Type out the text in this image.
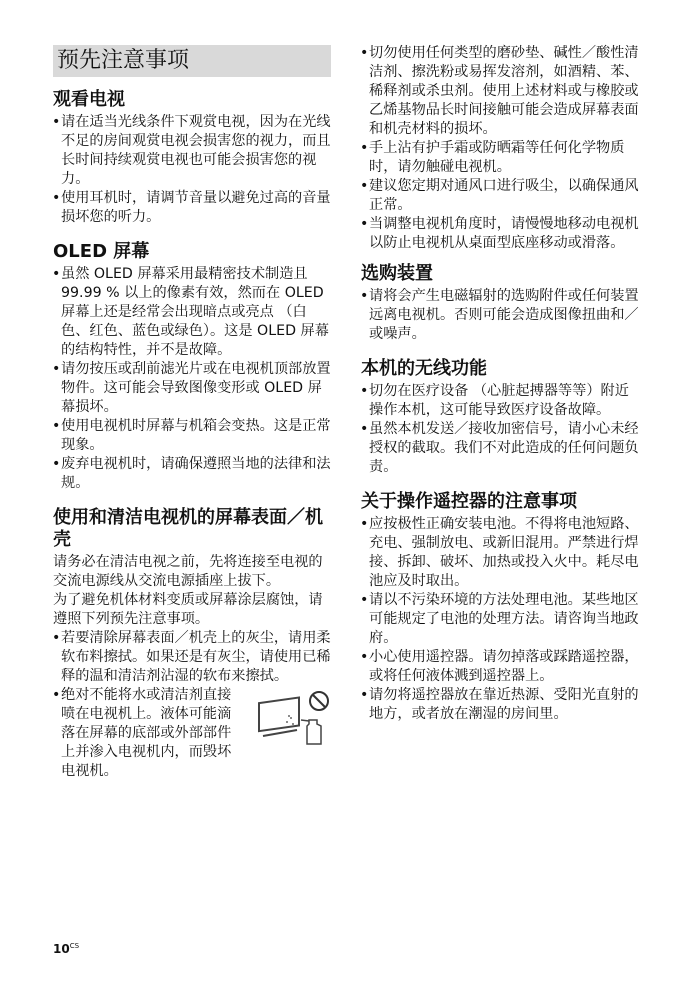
预先注意事项
观看电视
• 请在适当光线条件下观赏电视，因为在光线不足的房间观赏电视会损害您的视力，而且长时间持续观赏电视也可能会损害您的视力。
• 使用耳机时，请调节音量以避免过高的音量损坏您的听力。
OLED 屏幕
• 虽然 OLED 屏幕采用最精密技术制造且 99.99 % 以上的像素有效，然而在 OLED 屏幕上还是经常会出现暗点或亮点 （白色、红色、蓝色或绿色）。这是 OLED 屏幕的结构特性，并不是故障。
• 请勿按压或刮前滤光片或在电视机顶部放置物件。这可能会导致图像变形或 OLED 屏幕损坏。
• 使用电视机时屏幕与机箱会变热。这是正常现象。
• 废弃电视机时，请确保遵照当地的法律和法规。
使用和清洁电视机的屏幕表面／机壳

请务必在清洁电视之前，先将连接至电视的交流电源线从交流电源插座上拔下。

为了避免机体材料变质或屏幕涂层腐蚀，请遵照下列预先注意事项。

• 若要清除屏幕表面／机壳上的灰尘，请用柔软布料擦拭。如果还是有灰尘，请使用已稀释的温和清洁剂沾湿的软布来擦拭。
• 绝对不能将水或清洁剂直接喷在电视机上。液体可能滴落在屏幕的底部或外部部件上并渗入电视机内，而毁坏电视机。
• 切勿使用任何类型的磨砂垫、碱性／酸性清洁剂、擦洗粉或易挥发溶剂，如酒精、苯、稀释剂或杀虫剂。使用上述材料或与橡胶或乙烯基物品长时间接触可能会造成屏幕表面和机壳材料的损坏。
• 手上沾有护手霜或防晒霜等任何化学物质时，请勿触碰电视机。
• 建议您定期对通风口进行吸尘，以确保通风正常。
• 当调整电视机角度时，请慢慢地移动电视机以防止电视机从桌面型底座移动或滑落。
选购装置
• 请将会产生电磁辐射的选购附件或任何装置远离电视机。否则可能会造成图像扭曲和／或噪声。
本机的无线功能
• 切勿在医疗设备 （心脏起搏器等等）附近操作本机，这可能导致医疗设备故障。
• 虽然本机发送／接收加密信号，请小心未经授权的截取。我们不对此造成的任何问题负责。
关于操作遥控器的注意事项
• 应按极性正确安装电池。不得将电池短路、充电、强制放电、或新旧混用。严禁进行焊接、拆卸、破坏、加热或投入火中。耗尽电池应及时取出。
• 请以不污染环境的方法处理电池。某些地区可能规定了电池的处理方法。请咨询当地政府。
• 小心使用遥控器。请勿掉落或踩踏遥控器，或将任何液体溅到遥控器上。
• 请勿将遥控器放在靠近热源、受阳光直射的地方，或者放在潮湿的房间里。
$10^{CS}$
